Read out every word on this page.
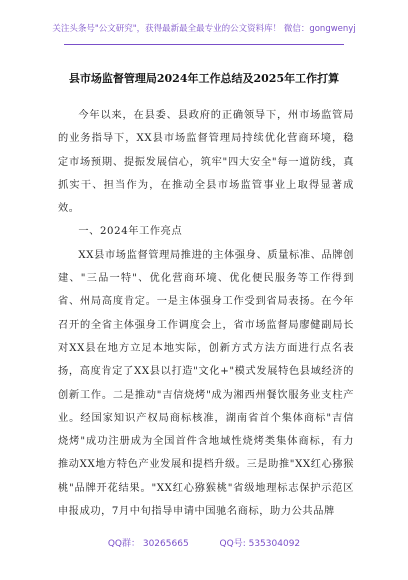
关注头条号"公文研究"，获得最新最全最专业的公文资料库！ 微信：gongwenyj
县市场监督管理局2024年工作总结及2025年工作打算

今年以来，在县委、县政府的正确领导下，州市场监管局的业务指导下，XX县市场监督管理局持续优化营商环境，稳定市场预期、提振发展信心，筑牢"四大安全"每一道防线，真抓实干、担当作为，在推动全县市场监管事业上取得显著成效。

一、2024年工作亮点

XX县市场监督管理局推进的主体强身、质量标准、品牌创建、"三品一特"、优化营商环境、优化便民服务等工作得到省、州局高度肯定。一是主体强身工作受到省局表扬。在今年召开的全省主体强身工作调度会上，省市场监督局廖健副局长对XX县在地方立足本地实际，创新方式方法方面进行点名表扬，高度肯定了XX县以打造"文化+"模式发展特色县域经济的创新工作。二是推动"吉信烧烤"成为湘西州餐饮服务业支柱产业。经国家知识产权局商标核准，湖南省首个集体商标"吉信烧烤"成功注册成为全国首件含地域性烧烤类集体商标，有力推动XX地方特色产业发展和提档升级。三是助推"XX红心猕猴桃"品牌开花结果。"XX红心猕猴桃"省级地理标志保护示范区申报成功，7月中旬指导申请中国驰名商标，助力公共品牌

QQ群： 30265665	QQ号: 535304092
